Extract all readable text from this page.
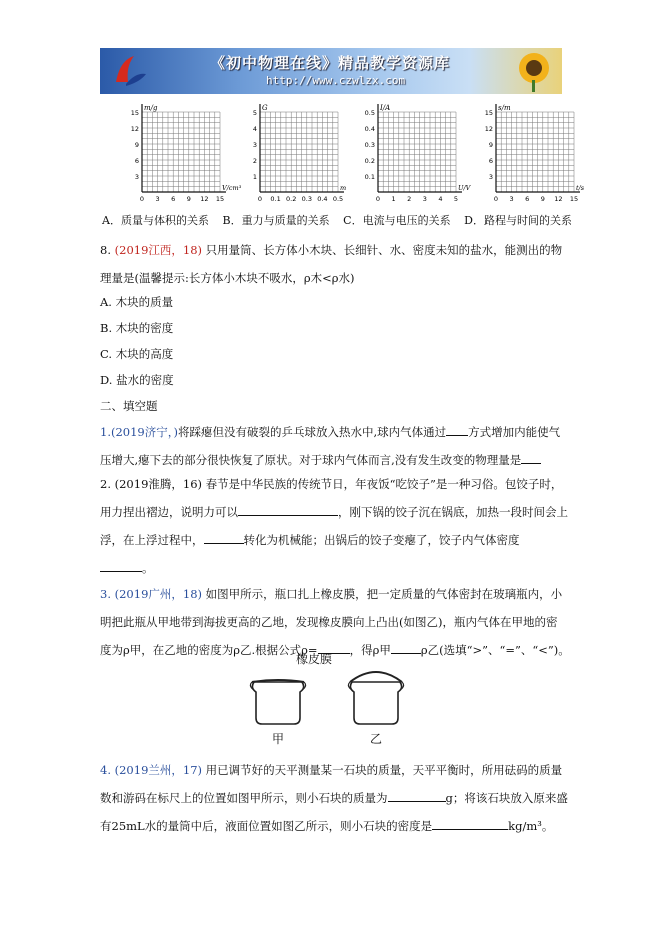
《初中物理在线》精品教学资源库
http://www.czwlzx.com
15
12
9
6
3
0 3 6 9 12 15
m/g
V/cm³
5
4
3
2
1
0 0.1 0.2 0.3 0.4 0.5
G
m
0.5
0.4
0.3
0.2
0.1
0 1 2 3 4 5
I/A
U/V
15
12
9
6
3
0 3 6 9 12 15
s/m
t/s
A．质量与体积的关系 B．重力与质量的关系 C．电流与电压的关系 D．路程与时间的关系
8. (2019江西，18) 只用量筒、长方体小木块、长细针、水、密度未知的盐水，能测出的物
理量是(温馨提示:长方体小木块不吸水，ρ木<ρ水)
A. 木块的质量
B. 木块的密度
C. 木块的高度
D. 盐水的密度
二、填空题
1.(2019济宁，)将踩瘪但没有破裂的乒乓球放入热水中,球内气体通过 方式增加内能使气
压增大,瘪下去的部分很快恢复了原状。对于球内气体而言,没有发生改变的物理量是
2. (2019淮腾，16) 春节是中华民族的传统节日，年夜饭“吃饺子”是一种习俗。包饺子时，
用力捏出褶边，说明力可以	，刚下锅的饺子沉在锅底，加热一段时间会上
浮，在上浮过程中，	转化为机械能；出锅后的饺子变瘪了，饺子内气体密度
。
3. (2019广州，18) 如图甲所示，瓶口扎上橡皮膜，把一定质量的气体密封在玻璃瓶内，小
明把此瓶从甲地带到海拔更高的乙地，发现橡皮膜向上凸出(如图乙)，瓶内气体在甲地的密
度为ρ甲，在乙地的密度为ρ乙.根据公式ρ=	，得ρ甲	ρ乙(选填“>”、“=”、“<”)。
橡皮膜
甲	乙
4. (2019兰州，17) 用已调节好的天平测量某一石块的质量，天平平衡时，所用砝码的质量
数和游码在标尺上的位置如图甲所示，则小石块的质量为	g；将该石块放入原来盛
有25mL水的量筒中后，液面位置如图乙所示，则小石块的密度是	kg/m³。
